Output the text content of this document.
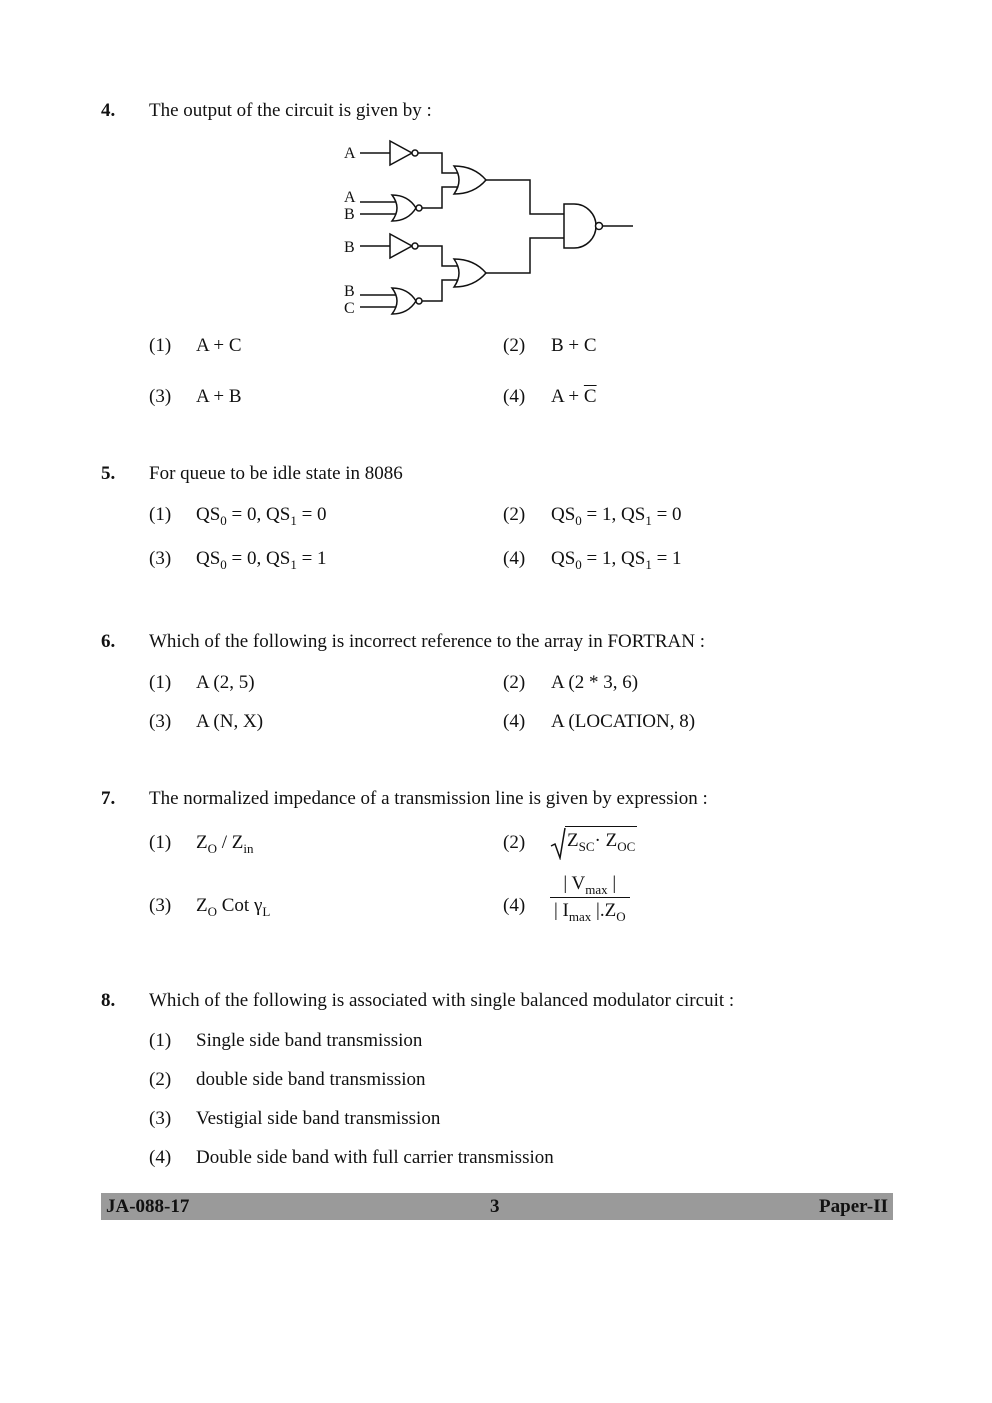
4. The output of the circuit is given by :
A
A
B
B
B
C
(1) A + C	(2) B + C
(3) A + B	(4) $A + \overline{C}$
5. For queue to be idle state in 8086
(1) $QS_0 = 0$, $QS_1 = 0$	(2) $QS_0 = 1$, $QS_1 = 0$
(3) $QS_0 = 0$, $QS_1 = 1$	(4) $QS_0 = 1$, $QS_1 = 1$
6. Which of the following is incorrect reference to the array in FORTRAN :
(1) A (2, 5)	(2) A (2 * 3, 6)
(3) A (N, X)	(4) A (LOCATION, 8)
7. The normalized impedance of a transmission line is given by expression :
(1) $Z_O / Z_{in}$	(2)	$Z_{SC}\cdot Z_{OC}$
(3) $Z_O$ Cot $\gamma_L$	$(4) \frac{| V_{max} |}{| I_{max} |.Z_O}$
8. Which of the following is associated with single balanced modulator circuit :
(1) Single side band transmission
(2) double side band transmission
(3) Vestigial side band transmission
(4) Double side band with full carrier transmission
JA-088-17	3	Paper-II
